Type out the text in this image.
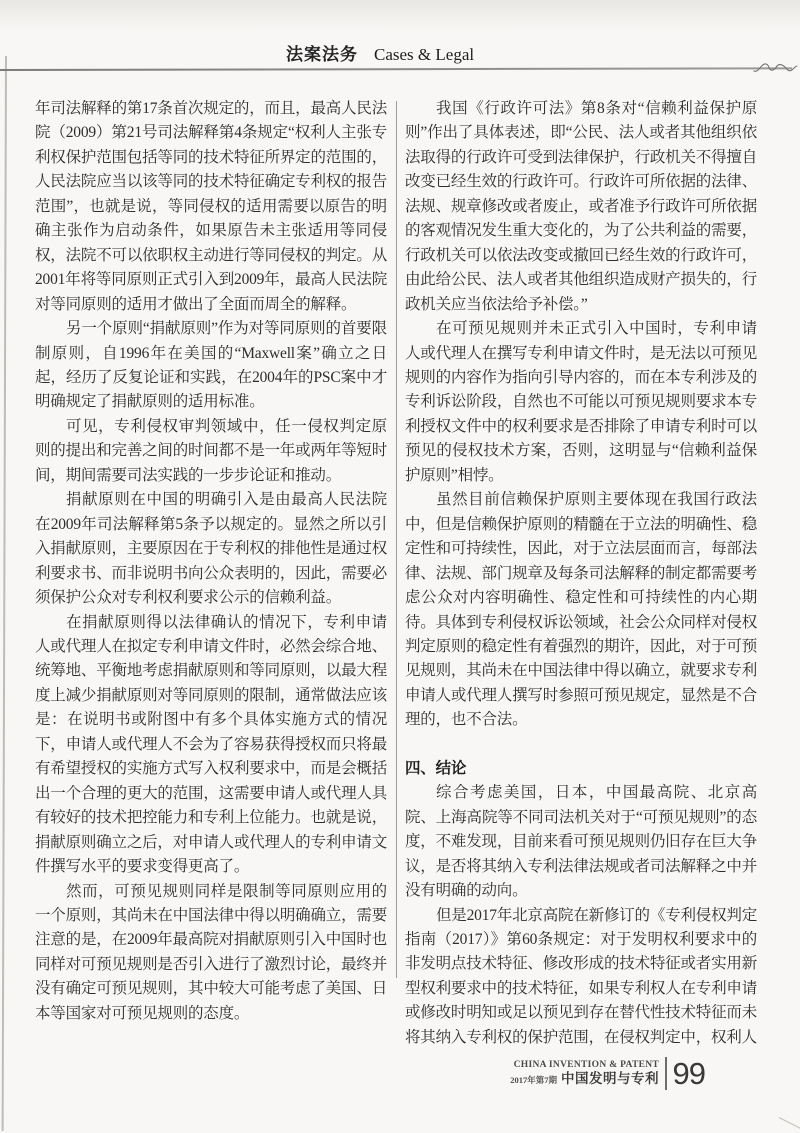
法案法务 Cases & Legal

年司法解释的第17条首次规定的，而且，最高人民法院（2009）第21号司法解释第4条规定“权利人主张专利权保护范围包括等同的技术特征所界定的范围的，人民法院应当以该等同的技术特征确定专利权的报告范围”，也就是说，等同侵权的适用需要以原告的明确主张作为启动条件，如果原告未主张适用等同侵权，法院不可以依职权主动进行等同侵权的判定。从2001年将等同原则正式引入到2009年，最高人民法院对等同原则的适用才做出了全面而周全的解释。

另一个原则“捐献原则”作为对等同原则的首要限制原则，自1996年在美国的“Maxwell案”确立之日起，经历了反复论证和实践，在2004年的PSC案中才明确规定了捐献原则的适用标准。

可见，专利侵权审判领域中，任一侵权判定原则的提出和完善之间的时间都不是一年或两年等短时间，期间需要司法实践的一步步论证和推动。

捐献原则在中国的明确引入是由最高人民法院在2009年司法解释第5条予以规定的。显然之所以引入捐献原则，主要原因在于专利权的排他性是通过权利要求书、而非说明书向公众表明的，因此，需要必须保护公众对专利权利要求公示的信赖利益。

在捐献原则得以法律确认的情况下，专利申请人或代理人在拟定专利申请文件时，必然会综合地、统筹地、平衡地考虑捐献原则和等同原则，以最大程度上减少捐献原则对等同原则的限制，通常做法应该是：在说明书或附图中有多个具体实施方式的情况下，申请人或代理人不会为了容易获得授权而只将最有希望授权的实施方式写入权利要求中，而是会概括出一个合理的更大的范围，这需要申请人或代理人具有较好的技术把控能力和专利上位能力。也就是说，捐献原则确立之后，对申请人或代理人的专利申请文件撰写水平的要求变得更高了。

然而，可预见规则同样是限制等同原则应用的一个原则，其尚未在中国法律中得以明确确立，需要注意的是，在2009年最高院对捐献原则引入中国时也同样对可预见规则是否引入进行了激烈讨论，最终并没有确定可预见规则，其中较大可能考虑了美国、日本等国家对可预见规则的态度。

我国《行政许可法》第8条对“信赖利益保护原则”作出了具体表述，即“公民、法人或者其他组织依法取得的行政许可受到法律保护，行政机关不得擅自改变已经生效的行政许可。行政许可所依据的法律、法规、规章修改或者废止，或者准予行政许可所依据的客观情况发生重大变化的，为了公共利益的需要，行政机关可以依法改变或撤回已经生效的行政许可，由此给公民、法人或者其他组织造成财产损失的，行政机关应当依法给予补偿。”

在可预见规则并未正式引入中国时，专利申请人或代理人在撰写专利申请文件时，是无法以可预见规则的内容作为指向引导内容的，而在本专利涉及的专利诉讼阶段，自然也不可能以可预见规则要求本专利授权文件中的权利要求是否排除了申请专利时可以预见的侵权技术方案，否则，这明显与“信赖利益保护原则”相悖。

虽然目前信赖保护原则主要体现在我国行政法中，但是信赖保护原则的精髓在于立法的明确性、稳定性和可持续性，因此，对于立法层面而言，每部法律、法规、部门规章及每条司法解释的制定都需要考虑公众对内容明确性、稳定性和可持续性的内心期待。具体到专利侵权诉讼领域，社会公众同样对侵权判定原则的稳定性有着强烈的期许，因此，对于可预见规则，其尚未在中国法律中得以确立，就要求专利申请人或代理人撰写时参照可预见规定，显然是不合理的，也不合法。

四、结论

综合考虑美国，日本，中国最高院、北京高院、上海高院等不同司法机关对于“可预见规则”的态度，不难发现，目前来看可预见规则仍旧存在巨大争议，是否将其纳入专利法律法规或者司法解释之中并没有明确的动向。

但是2017年北京高院在新修订的《专利侵权判定指南（2017）》第60条规定：对于发明权利要求中的非发明点技术特征、修改形成的技术特征或者实用新型权利要求中的技术特征，如果专利权人在专利申请或修改时明知或足以预见到存在替代性技术特征而未将其纳入专利权的保护范围，在侵权判定中，权利人

CHINA INVENTION & PATENT
2017年第7期 中国发明与专利 99
